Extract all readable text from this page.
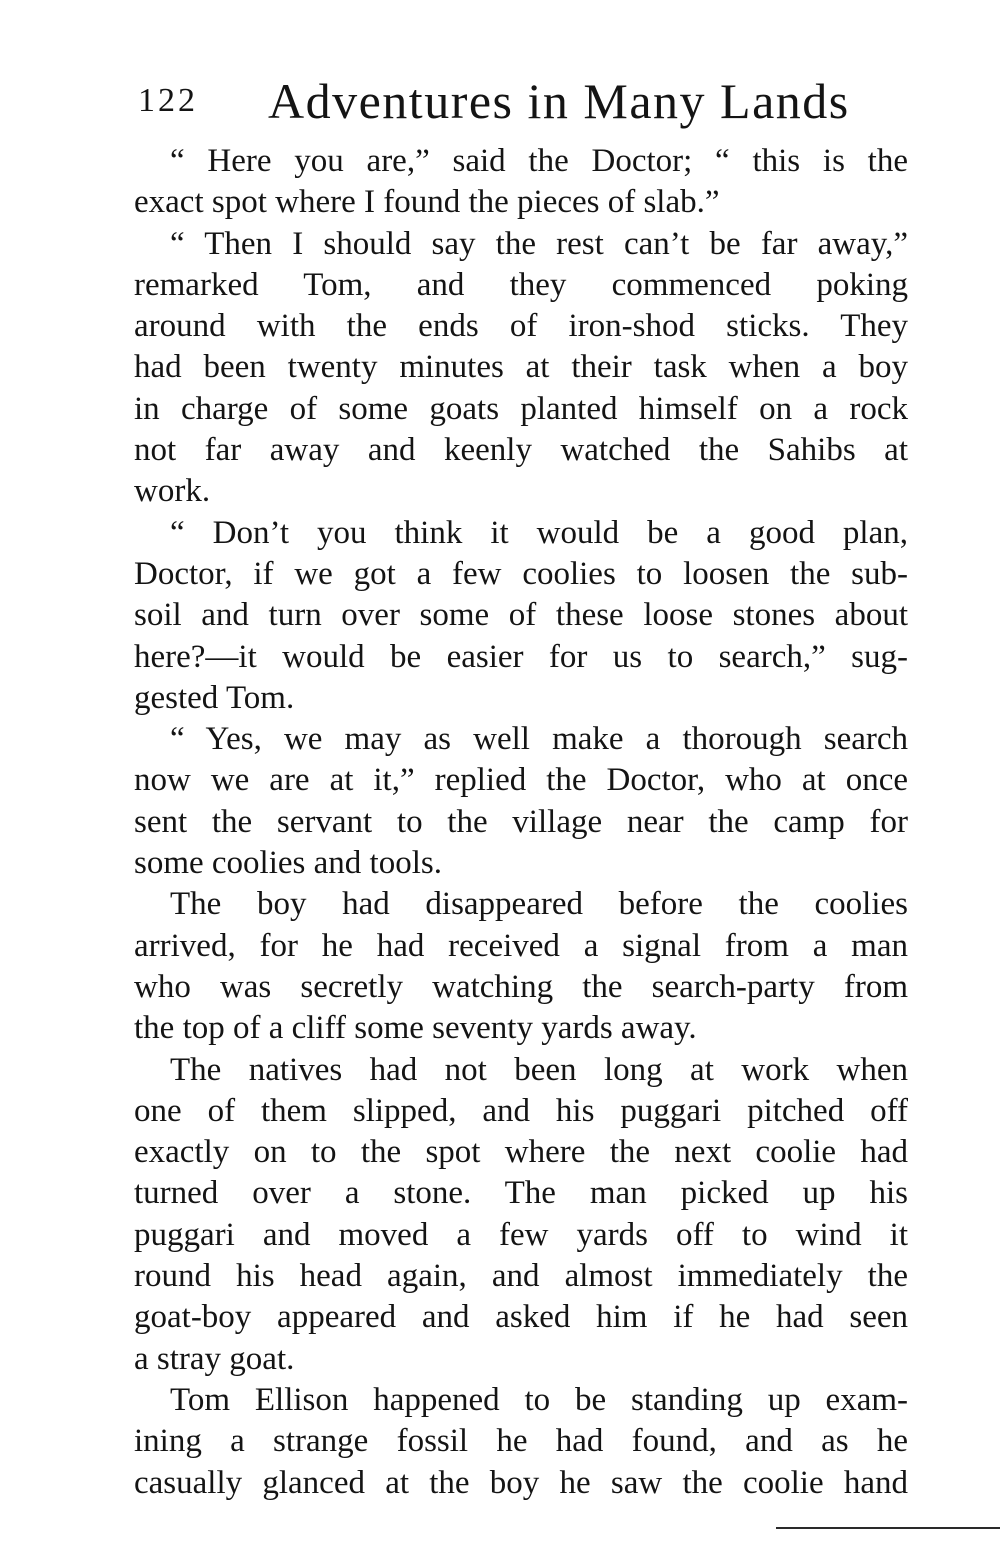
122 Adventures in Many Lands
“ Here you are,” said the Doctor; “ this is the
exact spot where I found the pieces of slab.”
“ Then I should say the rest can’t be far away,”
remarked Tom, and they commenced poking
around with the ends of iron-shod sticks. They
had been twenty minutes at their task when a boy
in charge of some goats planted himself on a rock
not far away and keenly watched the Sahibs at
work.
“ Don’t you think it would be a good plan,
Doctor, if we got a few coolies to loosen the sub-
soil and turn over some of these loose stones about
here?—it would be easier for us to search,” sug-
gested Tom.
“ Yes, we may as well make a thorough search
now we are at it,” replied the Doctor, who at once
sent the servant to the village near the camp for
some coolies and tools.
The boy had disappeared before the coolies
arrived, for he had received a signal from a man
who was secretly watching the search-party from
the top of a cliff some seventy yards away.
The natives had not been long at work when
one of them slipped, and his puggari pitched off
exactly on to the spot where the next coolie had
turned over a stone. The man picked up his
puggari and moved a few yards off to wind it
round his head again, and almost immediately the
goat-boy appeared and asked him if he had seen
a stray goat.
Tom Ellison happened to be standing up exam-
ining a strange fossil he had found, and as he
casually glanced at the boy he saw the coolie hand
